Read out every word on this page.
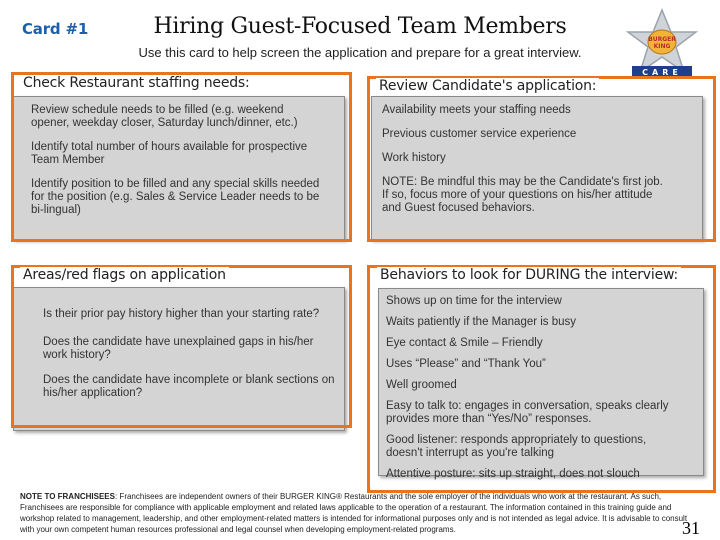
Card #1	Hiring Guest-Focused Team Members
Use this card to help screen the application and prepare for a great interview.
BURGER
KING
CARE
Check Restaurant staffing needs:

Review schedule needs to be filled (e.g. weekend opener, weekday closer, Saturday lunch/dinner, etc.)

Identify total number of hours available for prospective Team Member

Identify position to be filled and any special skills needed for the position (e.g. Sales & Service Leader needs to be bi-lingual)

Review Candidate's application:

Availability meets your staffing needs

Previous customer service experience

Work history

NOTE: Be mindful this may be the Candidate's first job. If so, focus more of your questions on his/her attitude and Guest focused behaviors.

Areas/red flags on application

Is their prior pay history higher than your starting rate?

Does the candidate have unexplained gaps in his/her work history?

Does the candidate have incomplete or blank sections on his/her application?

Behaviors to look for DURING the interview:

Shows up on time for the interview

Waits patiently if the Manager is busy

Eye contact & Smile – Friendly

Uses “Please” and “Thank You”

Well groomed

Easy to talk to: engages in conversation, speaks clearly provides more than “Yes/No” responses.

Good listener: responds appropriately to questions, doesn't interrupt as you're talking

Attentive posture: sits up straight, does not slouch

NOTE TO FRANCHISEES: Franchisees are independent owners of their BURGER KING® Restaurants and the sole employer of the individuals who work at the restaurant. As such, Franchisees are responsible for compliance with applicable employment and related laws applicable to the operation of a restaurant. The information contained in this training guide and workshop related to management, leadership, and other employment-related matters is intended for informational purposes only and is not intended as legal advice. It is advisable to consult with your own competent human resources professional and legal counsel when developing employment-related programs.	31
